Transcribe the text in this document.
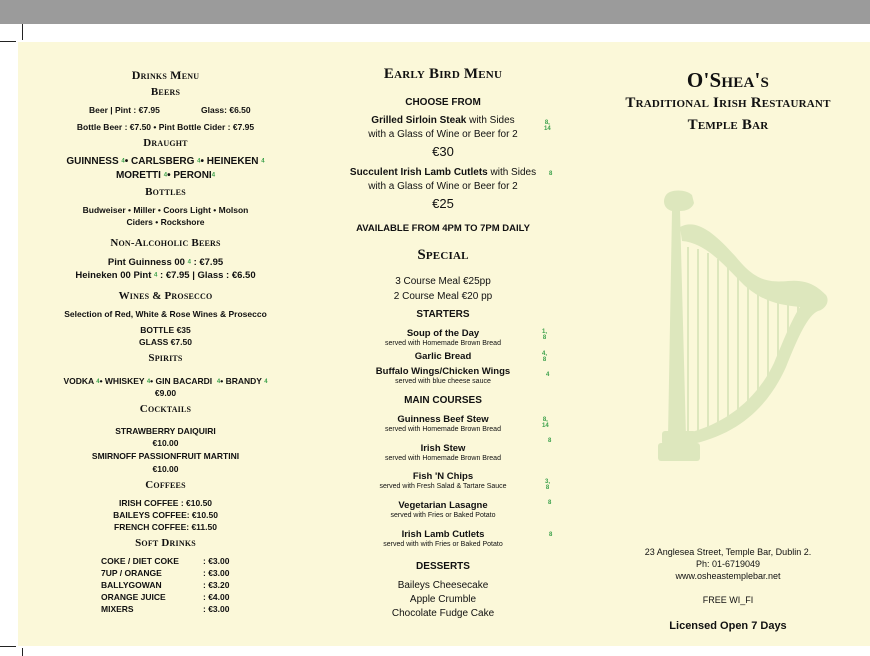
Drinks Menu
Beers
Beer | Pint : €7.95	Glass: €6.50
Bottle Beer : €7.50 • Pint Bottle Cider : €7.95
Draught
GUINNESS 4• CARLSBERG 4• HEINEKEN 4
MORETTI 4• PERONI4
Bottles
Budweiser • Miller • Coors Light • Molson
Ciders • Rockshore
Non-Alcoholic Beers
Pint Guinness 00 4 : €7.95
Heineken 00 Pint 4 : €7.95 | Glass : €6.50
Wines & Prosecco
Selection of Red, White & Rose Wines & Prosecco
BOTTLE €35
GLASS €7.50
Spirits
VODKA 4• WHISKEY 4• GIN BACARDI 4• BRANDY 4
€9.00
Cocktails
STRAWBERRY DAIQUIRI
€10.00
SMIRNOFF PASSIONFRUIT MARTINI
€10.00
Coffees
IRISH COFFEE : €10.50
BAILEYS COFFEE: €10.50
FRENCH COFFEE: €11.50
Soft Drinks
COKE / DIET COKE	: €3.00
7UP / ORANGE	: €3.00
BALLYGOWAN	: €3.20
ORANGE JUICE	: €4.00
MIXERS	: €3.00
Early Bird Menu
CHOOSE FROM
Grilled Sirloin Steak with Sides	8, 14
with a Glass of Wine or Beer for 2
€30
Succulent Irish Lamb Cutlets with Sides	8
with a Glass of Wine or Beer for 2
€25
AVAILABLE FROM 4PM TO 7PM DAILY
Special
3 Course Meal €25pp
2 Course Meal €20 pp
STARTERS
Soup of the Day
served with Homemade Brown Bread
1, 8
Garlic Bread	4, 8
Buffalo Wings/Chicken Wings
served with blue cheese sauce
4
MAIN COURSES
Guinness Beef Stew
served with Homemade Brown Bread
8, 14
Irish Stew
served with Homemade Brown Bread
8
Fish 'N Chips
served with Fresh Salad & Tartare Sauce
3, 8
Vegetarian Lasagne
served with Fries or Baked Potato
8
Irish Lamb Cutlets
served with with Fries or Baked Potato
8
DESSERTS
Baileys Cheesecake
Apple Crumble
Chocolate Fudge Cake
O'Shea's
Traditional Irish Restaurant
Temple Bar
23 Anglesea Street, Temple Bar, Dublin 2.
Ph: 01-6719049
www.osheastemplebar.net
FREE WI_FI
Licensed Open 7 Days
